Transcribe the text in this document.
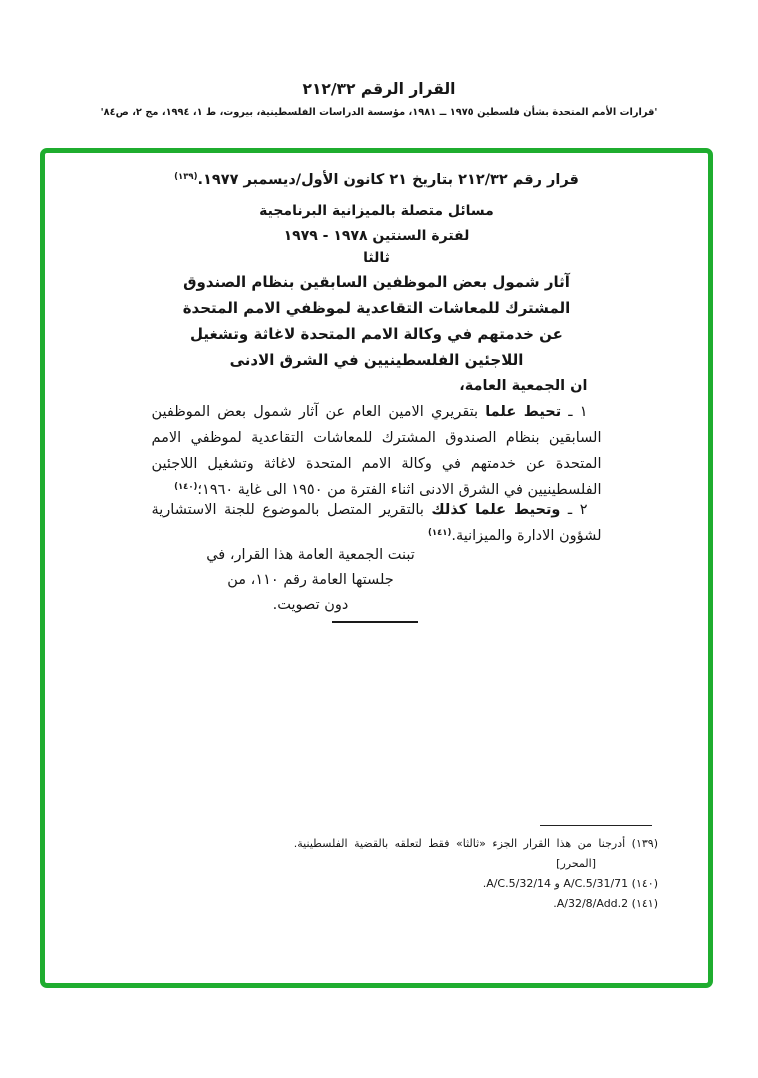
القرار الرقم ٢١٢/٣٢
'قرارات الأمم المتحدة بشأن فلسطين ١٩٧٥ ــ ١٩٨١، مؤسسة الدراسات الفلسطينية، بيروت، ط ١، ١٩٩٤، مج ٢، ص٨٤'

قرار رقم ٢١٢/٣٢ بتاريخ ٢١ كانون الأول/ديسمبر ١٩٧٧.$^{(١٣٩)}$

مسائل متصلة بالميزانية البرنامجية

لفترة السنتين ١٩٧٨ - ١٩٧٩

ثالثا

آثار شمول بعض الموظفين السابقين بنظام الصندوق

المشترك للمعاشات التقاعدية لموظفي الامم المتحدة

عن خدمتهم في وكالة الامم المتحدة لاغاثة وتشغيل

اللاجئين الفلسطينيين في الشرق الادنى

ان الجمعية العامة،

١ ـ تحيط علما بتقريري الامين العام عن آثار شمول بعض الموظفين السابقين بنظام الصندوق المشترك للمعاشات التقاعدية لموظفي الامم المتحدة عن خدمتهم في وكالة الامم المتحدة لاغاثة وتشغيل اللاجئين الفلسطينيين في الشرق الادنى اثناء الفترة من ١٩٥٠ الى غاية ١٩٦٠؛$^{(١٤٠)}$

٢ ـ وتحيط علما كذلك بالتقرير المتصل بالموضوع للجنة الاستشارية لشؤون الادارة والميزانية.$^{(١٤١)}$

تبنت الجمعية العامة هذا القرار، في

جلستها العامة رقم ١١٠، من

دون تصويت.

(١٣٩) أدرجنا من هذا القرار الجزء «ثالثا» فقط لتعلقه بالقضية الفلسطينية.

[المحرر]

(١٤٠) A/C.5/31/71 و A/C.5/32/14.

(١٤١) A/32/8/Add.2.
